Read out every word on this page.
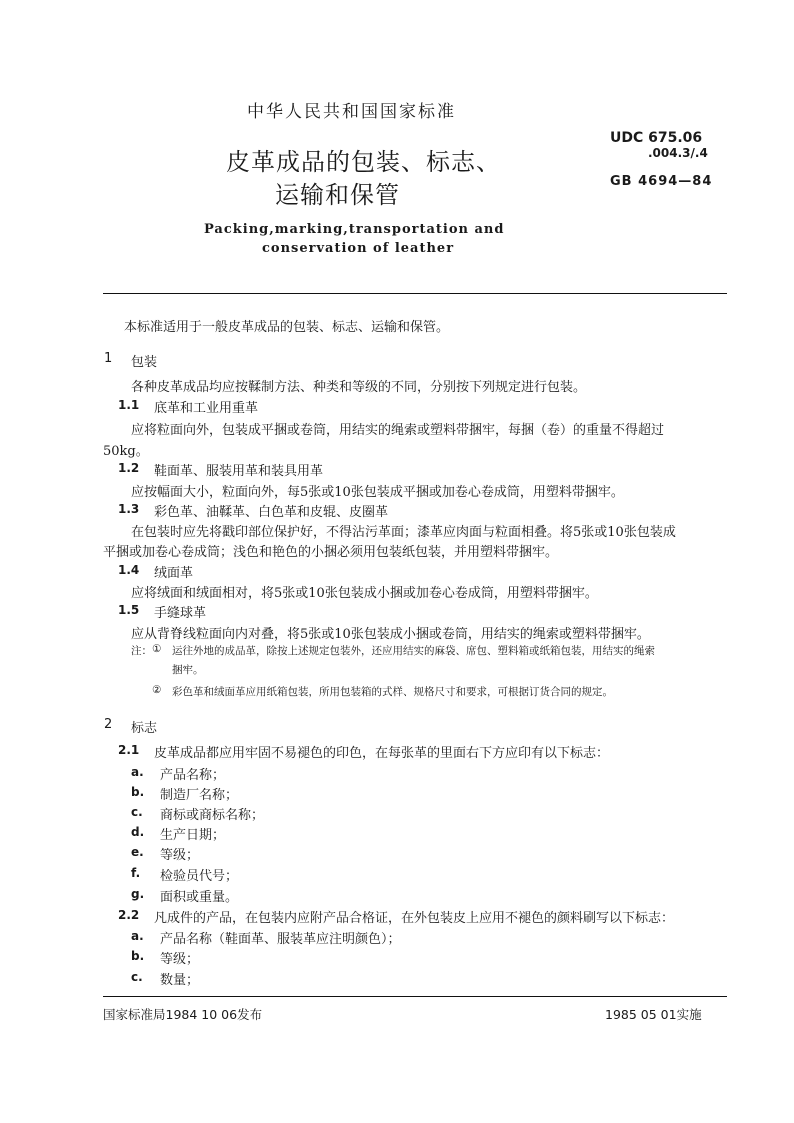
中华人民共和国国家标准
皮革成品的包装、标志、
运输和保管
UDC 675.06
.004.3/.4
GB 4694—84
Packing,marking,transportation and
conservation of leather
本标准适用于一般皮革成品的包装、标志、运输和保管。
1 包装
各种皮革成品均应按鞣制方法、种类和等级的不同，分别按下列规定进行包装。
1.1 底革和工业用重革
应将粒面向外，包装成平捆或卷筒，用结实的绳索或塑料带捆牢，每捆（卷）的重量不得超过
50kg。
1.2 鞋面革、服装用革和装具用革
应按幅面大小，粒面向外，每5张或10张包装成平捆或加卷心卷成筒，用塑料带捆牢。
1.3 彩色革、油鞣革、白色革和皮辊、皮圈革
在包装时应先将戳印部位保护好，不得沾污革面；漆革应肉面与粒面相叠。将5张或10张包装成
平捆或加卷心卷成筒；浅色和艳色的小捆必须用包装纸包装，并用塑料带捆牢。
1.4 绒面革
应将绒面和绒面相对，将5张或10张包装成小捆或加卷心卷成筒，用塑料带捆牢。
1.5 手缝球革
应从背脊线粒面向内对叠，将5张或10张包装成小捆或卷筒，用结实的绳索或塑料带捆牢。
注： ① 运往外地的成品革，除按上述规定包装外，还应用结实的麻袋、席包、塑料箱或纸箱包装，用结实的绳索
捆牢。
② 彩色革和绒面革应用纸箱包装，所用包装箱的式样、规格尺寸和要求，可根据订货合同的规定。
2 标志
2.1 皮革成品都应用牢固不易褪色的印色，在每张革的里面右下方应印有以下标志：
a. 产品名称；
b. 制造厂名称；
c. 商标或商标名称；
d. 生产日期；
e. 等级；
f. 检验员代号；
g. 面积或重量。
2.2 凡成件的产品，在包装内应附产品合格证，在外包装皮上应用不褪色的颜料刷写以下标志：
a. 产品名称（鞋面革、服装革应注明颜色）；
b. 等级；
c. 数量；
国家标准局1984 10 06发布	1985 05 01实施
